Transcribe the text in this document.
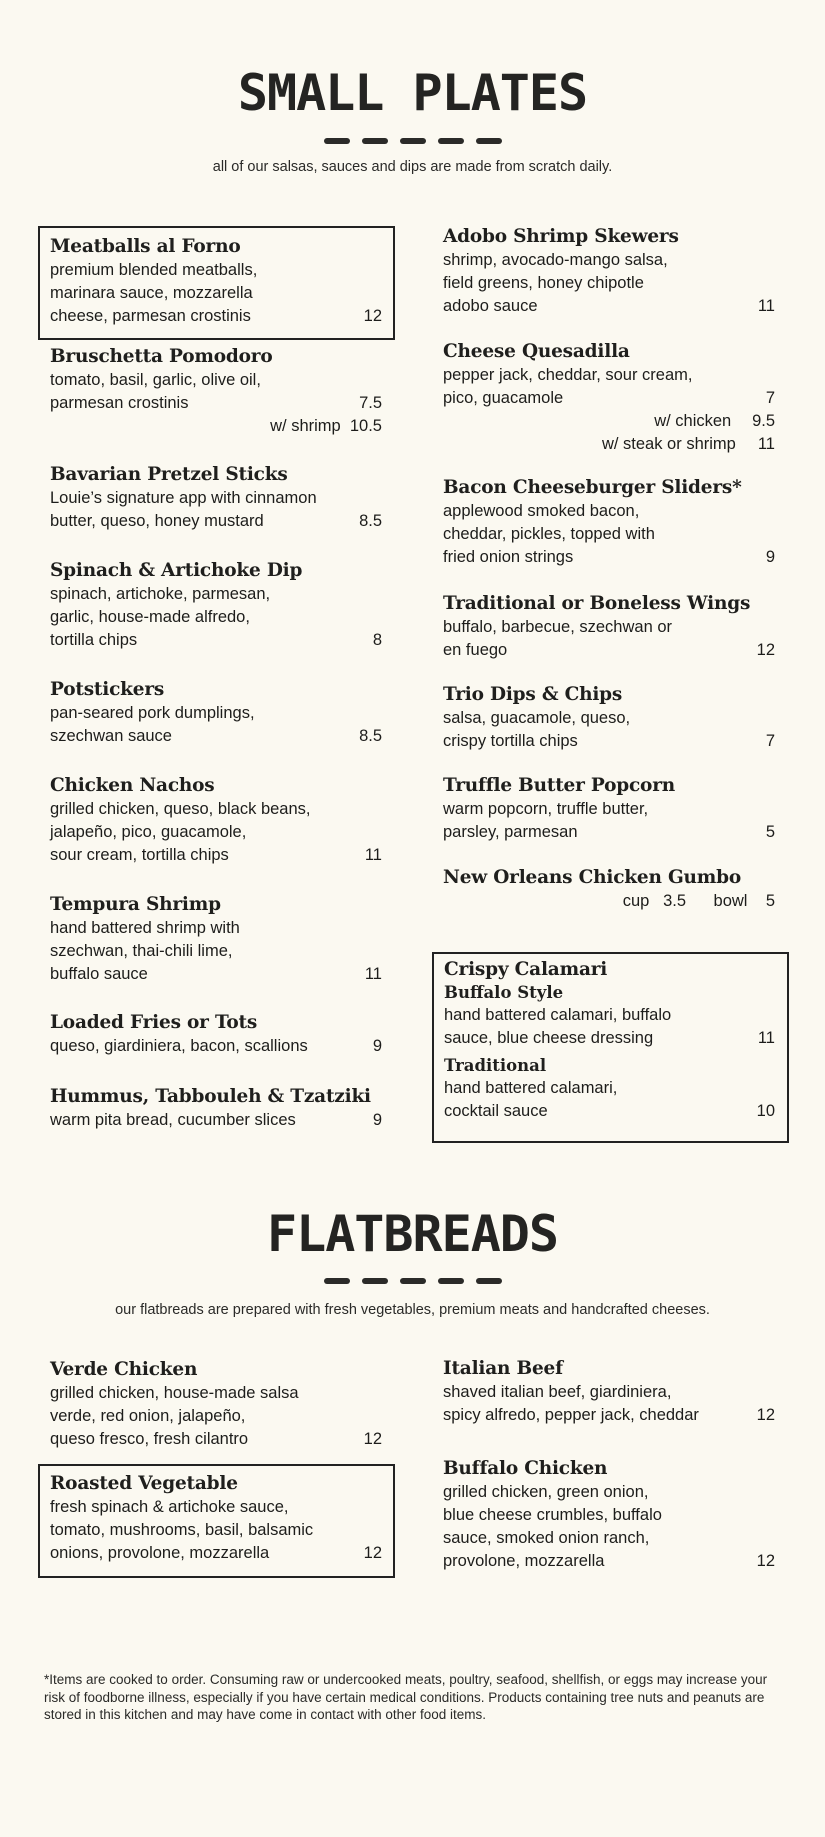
SMALL PLATES

all of our salsas, sauces and dips are made from scratch daily.

Meatballs al Forno
premium blended meatballs,
marinara sauce, mozzarella
cheese, parmesan crostinis	12
Bruschetta Pomodoro
tomato, basil, garlic, olive oil,
parmesan crostinis	7.5
w/ shrimp 10.5
Bavarian Pretzel Sticks
Louie’s signature app with cinnamon
butter, queso, honey mustard	8.5
Spinach & Artichoke Dip
spinach, artichoke, parmesan,
garlic, house-made alfredo,
tortilla chips	8
Potstickers
pan-seared pork dumplings,
szechwan sauce	8.5
Chicken Nachos
grilled chicken, queso, black beans,
jalapeño, pico, guacamole,
sour cream, tortilla chips	11
Tempura Shrimp
hand battered shrimp with
szechwan, thai-chili lime,
buffalo sauce	11
Loaded Fries or Tots
queso, giardiniera, bacon, scallions	9
Hummus, Tabbouleh & Tzatziki
warm pita bread, cucumber slices	9
Adobo Shrimp Skewers
shrimp, avocado-mango salsa,
field greens, honey chipotle
adobo sauce	11
Cheese Quesadilla
pepper jack, cheddar, sour cream,
pico, guacamole	7
w/ chicken 9.5
w/ steak or shrimp 11
Bacon Cheeseburger Sliders*
applewood smoked bacon,
cheddar, pickles, topped with
fried onion strings	9
Traditional or Boneless Wings
buffalo, barbecue, szechwan or
en fuego	12
Trio Dips & Chips
salsa, guacamole, queso,
crispy tortilla chips	7
Truffle Butter Popcorn
warm popcorn, truffle butter,
parsley, parmesan	5
New Orleans Chicken Gumbo
cup 3.5 bowl 5
Crispy Calamari
Buffalo Style
hand battered calamari, buffalo
sauce, blue cheese dressing	11
Traditional
hand battered calamari,
cocktail sauce	10
FLATBREADS

our flatbreads are prepared with fresh vegetables, premium meats and handcrafted cheeses.

Verde Chicken
grilled chicken, house-made salsa
verde, red onion, jalapeño,
queso fresco, fresh cilantro	12
Roasted Vegetable
fresh spinach & artichoke sauce,
tomato, mushrooms, basil, balsamic
onions, provolone, mozzarella	12
Italian Beef
shaved italian beef, giardiniera,
spicy alfredo, pepper jack, cheddar	12
Buffalo Chicken
grilled chicken, green onion,
blue cheese crumbles, buffalo
sauce, smoked onion ranch,
provolone, mozzarella	12

*Items are cooked to order. Consuming raw or undercooked meats, poultry, seafood, shellfish, or eggs may increase your risk of foodborne illness, especially if you have certain medical conditions. Products containing tree nuts and peanuts are stored in this kitchen and may have come in contact with other food items.
